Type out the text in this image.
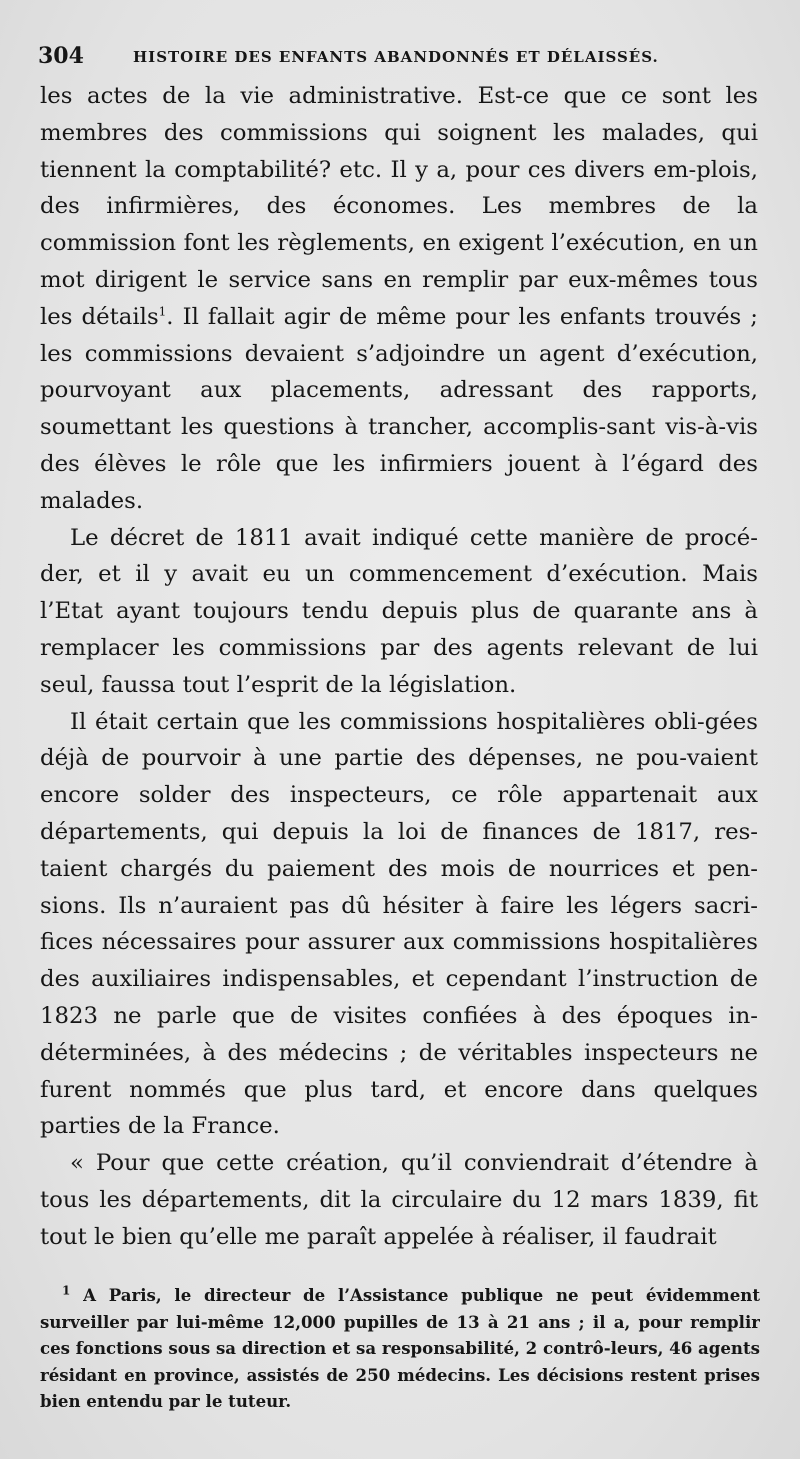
304	HISTOIRE DES ENFANTS ABANDONNÉS ET DÉLAISSÉS.

les actes de la vie administrative. Est-ce que ce sont les membres des commissions qui soignent les malades, qui tiennent la comptabilité? etc. Il y a, pour ces divers em-plois, des infirmières, des économes. Les membres de la commission font les règlements, en exigent l’exécution, en un mot dirigent le service sans en remplir par eux-mêmes tous les détails$^1$. Il fallait agir de même pour les enfants trouvés ; les commissions devaient s’adjoindre un agent d’exécution, pourvoyant aux placements, adressant des rapports, soumettant les questions à trancher, accomplis-sant vis-à-vis des élèves le rôle que les infirmiers jouent à l’égard des malades.

Le décret de 1811 avait indiqué cette manière de procé-der, et il y avait eu un commencement d’exécution. Mais l’Etat ayant toujours tendu depuis plus de quarante ans à remplacer les commissions par des agents relevant de lui seul, faussa tout l’esprit de la législation.

Il était certain que les commissions hospitalières obli-gées déjà de pourvoir à une partie des dépenses, ne pou-vaient encore solder des inspecteurs, ce rôle appartenait aux départements, qui depuis la loi de finances de 1817, res-taient chargés du paiement des mois de nourrices et pen-sions. Ils n’auraient pas dû hésiter à faire les légers sacri-fices nécessaires pour assurer aux commissions hospitalières des auxiliaires indispensables, et cependant l’instruction de 1823 ne parle que de visites confiées à des époques in-déterminées, à des médecins ; de véritables inspecteurs ne furent nommés que plus tard, et encore dans quelques parties de la France.

« Pour que cette création, qu’il conviendrait d’étendre à tous les départements, dit la circulaire du 12 mars 1839, fit tout le bien qu’elle me paraît appelée à réaliser, il faudrait

$^1$ A Paris, le directeur de l’Assistance publique ne peut évidemment surveiller par lui-même 12,000 pupilles de 13 à 21 ans ; il a, pour remplir ces fonctions sous sa direction et sa responsabilité, 2 contrô-leurs, 46 agents résidant en province, assistés de 250 médecins. Les décisions restent prises bien entendu par le tuteur.
